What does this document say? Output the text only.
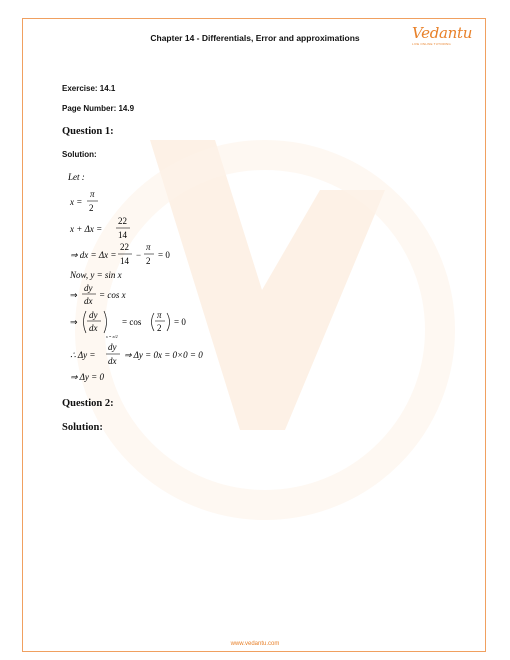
Chapter 14 - Differentials, Error and approximations	Vedantu
LIVE ONLINE TUTORING
Exercise: 14.1
Page Number: 14.9
Question 1:
Solution:
Let :
x =
π
2
x + Δx =
22
14
⇒ dx = Δx =
22
14
−
π
2
= 0
Now, y = sin x
⇒
dy
dx
= cos x
⇒
dy
dx
x = π/2
= cos
π
2
= 0
∴ Δy =
dy
dx
⇒ Δy = 0x = 0×0 = 0
⇒ Δy = 0
Question 2:
Solution:
www.vedantu.com
